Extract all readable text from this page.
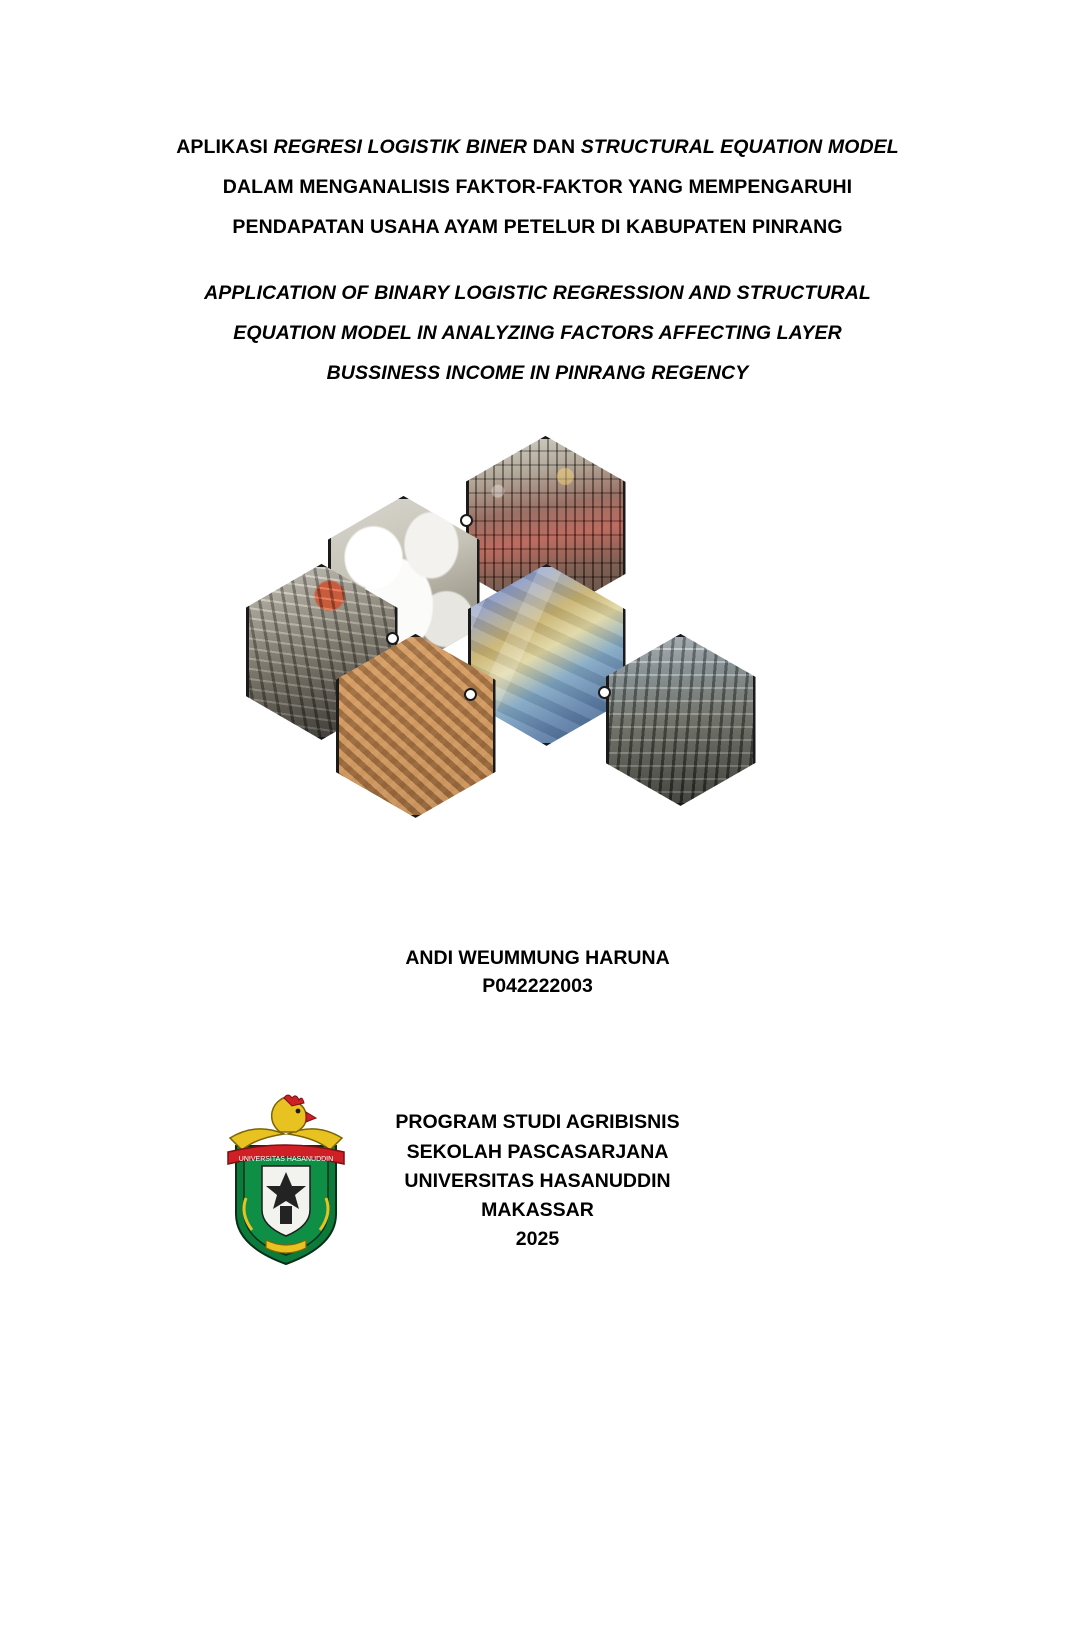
APLIKASI REGRESI LOGISTIK BINER DAN STRUCTURAL EQUATION MODEL
DALAM MENGANALISIS FAKTOR-FAKTOR YANG MEMPENGARUHI
PENDAPATAN USAHA AYAM PETELUR DI KABUPATEN PINRANG
APPLICATION OF BINARY LOGISTIC REGRESSION AND STRUCTURAL
EQUATION MODEL IN ANALYZING FACTORS AFFECTING LAYER
BUSSINESS INCOME IN PINRANG REGENCY
ANDI WEUMMUNG HARUNA
P042222003
UNIVERSITAS HASANUDDIN
PROGRAM STUDI AGRIBISNIS
SEKOLAH PASCASARJANA
UNIVERSITAS HASANUDDIN
MAKASSAR
2025
